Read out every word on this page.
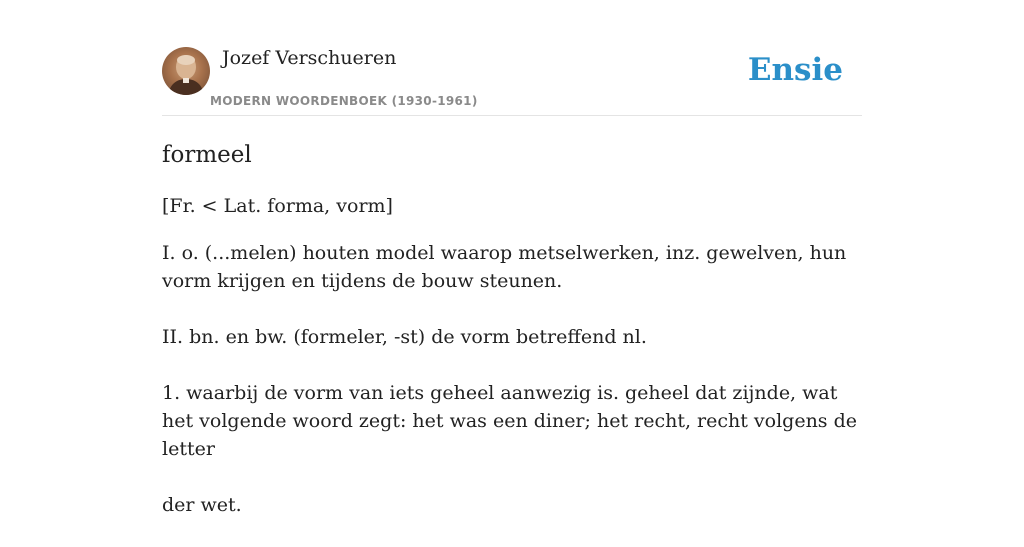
Jozef Verschueren
MODERN WOORDENBOEK (1930-1961)
Ensie
formeel
[Fr. < Lat. forma, vorm]

I. o. (...melen) houten model waarop metselwerken, inz. gewelven, hun vorm krijgen en tijdens de bouw steunen.

II. bn. en bw. (formeler, -st) de vorm betreffend nl.

1. waarbij de vorm van iets geheel aanwezig is. geheel dat zijnde, wat het volgende woord zegt: het was een diner; het recht, recht volgens de letter

der wet.
